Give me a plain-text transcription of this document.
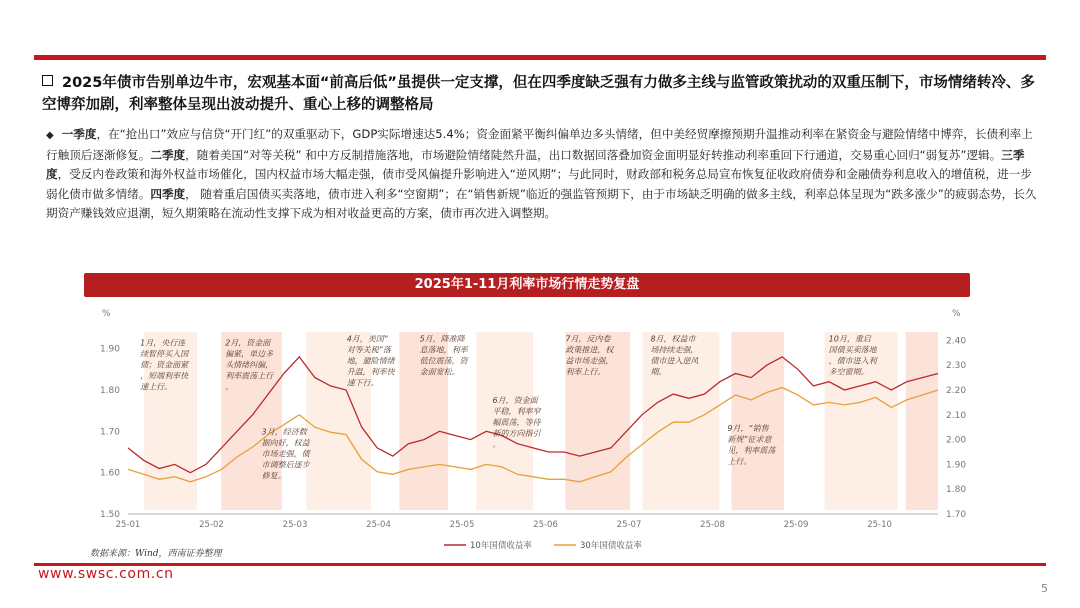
2025年债市告别单边牛市，宏观基本面“前高后低”虽提供一定支撑，但在四季度缺乏强有力做多主线与监管政策扰动的双重压制下，市场情绪转冷、多空博弈加剧，利率整体呈现出波动提升、重心上移的调整格局
◆ 一季度，在“抢出口”效应与信贷“开门红”的双重驱动下，GDP实际增速达5.4%；资金面紧平衡纠偏单边多头情绪，但中美经贸摩擦预期升温推动利率在紧资金与避险情绪中博弈，长债利率上行触顶后逐渐修复。二季度，随着美国“对等关税” 和中方反制措施落地，市场避险情绪陡然升温，出口数据回落叠加资金面明显好转推动利率重回下行通道，交易重心回归“弱复苏”逻辑。三季度，受反内卷政策和海外权益市场催化，国内权益市场大幅走强，债市受风偏提升影响进入“逆风期”；与此同时，财政部和税务总局宣布恢复征收政府债券和金融债券利息收入的增值税，进一步弱化债市做多情绪。四季度， 随着重启国债买卖落地，债市进入利多“空窗期”；在“销售新规”临近的强监管预期下，由于市场缺乏明确的做多主线，利率总体呈现为“跌多涨少”的疲弱态势，长久期资产赚钱效应退潮，短久期策略在流动性支撑下成为相对收益更高的方案，债市再次进入调整期。
2025年1-11月利率市场行情走势复盘
%
1.50
1.60
1.70
1.80
1.90
%
1.70
1.80
1.90
2.00
2.10
2.20
2.30
2.40
25-01	25-02	25-03	25-04	25-05	25-06	25-07	25-08	25-09	25-10
1月，央行连
续暂停买入国
债；资金面紧
，短端利率快
速上行。
2月，资金面
偏紧，单边多
头情绪纠偏，
利率震荡上行
。
3月，经济数
据向好，权益
市场走强，债
市调整后逐步
修复。
4月，美国“
对等关税”落
地，避险情绪
升温，利率快
速下行。
5月，降准降
息落地，利率
低位震荡，资
金面宽松。
6月，资金面
平稳，利率窄
幅震荡，等待
新的方向指引
。
7月，反内卷
政策推进，权
益市场走强，
利率上行。
8月，权益市
场持续走强，
债市进入逆风
期。
9月，“销售
新规”征求意
见，利率震荡
上行。
10月，重启
国债买卖落地
，债市进入利
多空窗期。
10年国债收益率	30年国债收益率
数据来源：Wind，西南证券整理
www.swsc.com.cn
5
